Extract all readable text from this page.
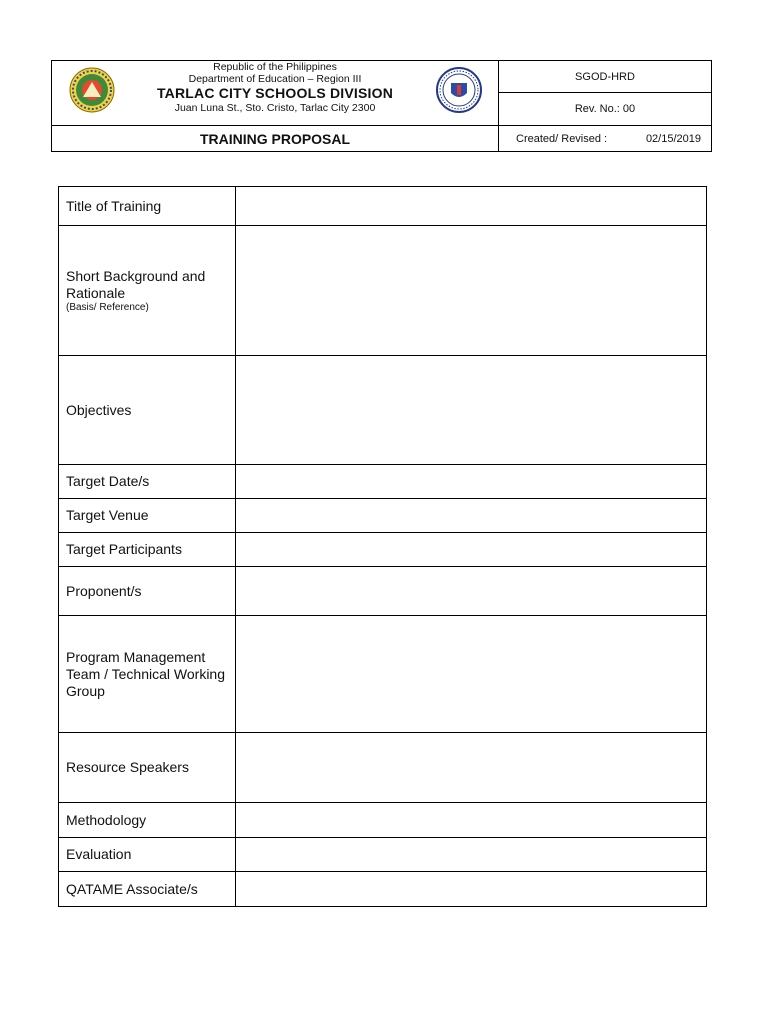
Republic of the Philippines
Department of Education – Region III
TARLAC CITY SCHOOLS DIVISION
Juan Luna St., Sto. Cristo, Tarlac City 2300
SGOD-HRD
Rev. No.: 00
TRAINING PROPOSAL	Created/ Revised :	02/15/2019
Title of Training	
Short Background and Rationale
(Basis/ Reference)	

Objectives	
Target Date/s	
Target Venue	
Target Participants	
Proponent/s	
Program Management Team / Technical Working Group	
Resource Speakers	
Methodology	
Evaluation	
QATAME Associate/s	
